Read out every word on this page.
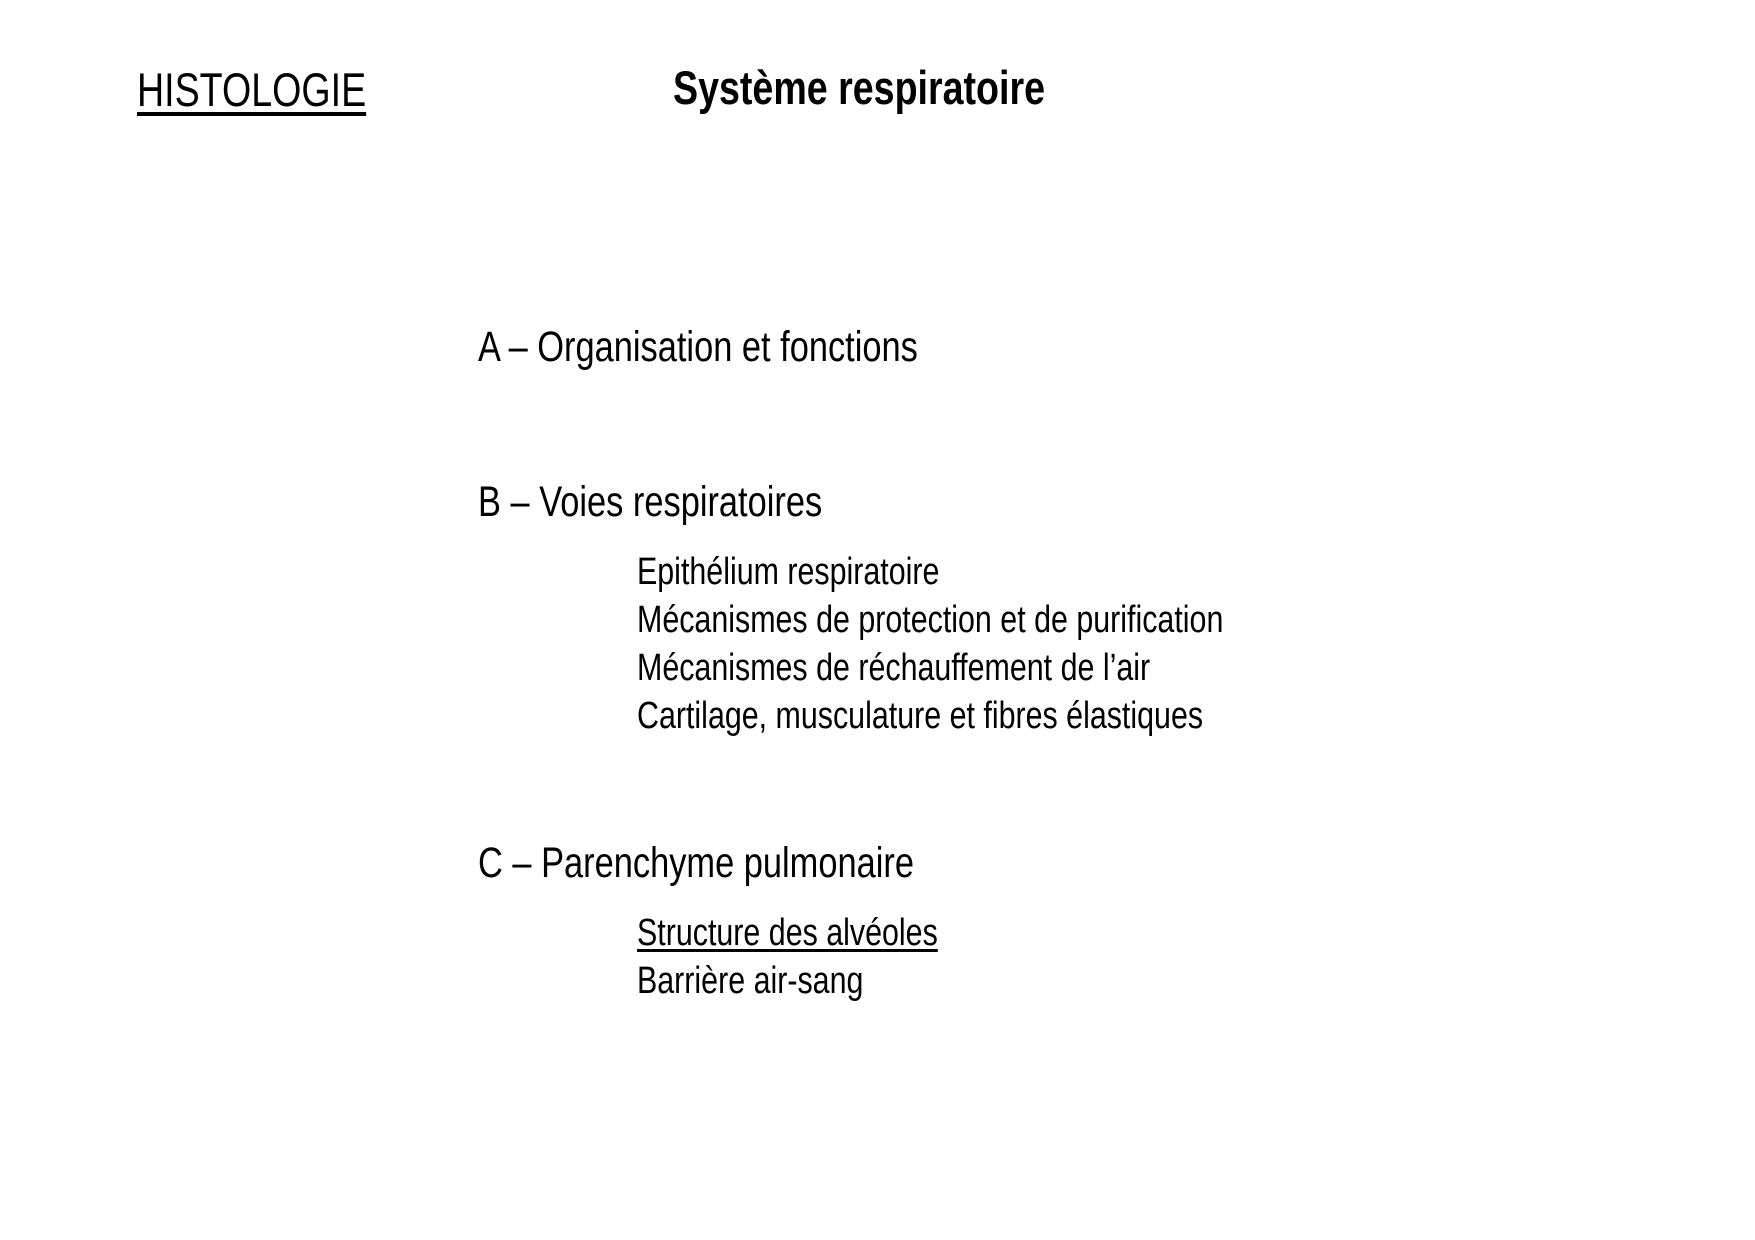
HISTOLOGIE	Système respiratoire
A – Organisation et fonctions
B – Voies respiratoires
Epithélium respiratoire
Mécanismes de protection et de purification
Mécanismes de réchauffement de l’air
Cartilage, musculature et fibres élastiques
C – Parenchyme pulmonaire
Structure des alvéoles
Barrière air-sang
